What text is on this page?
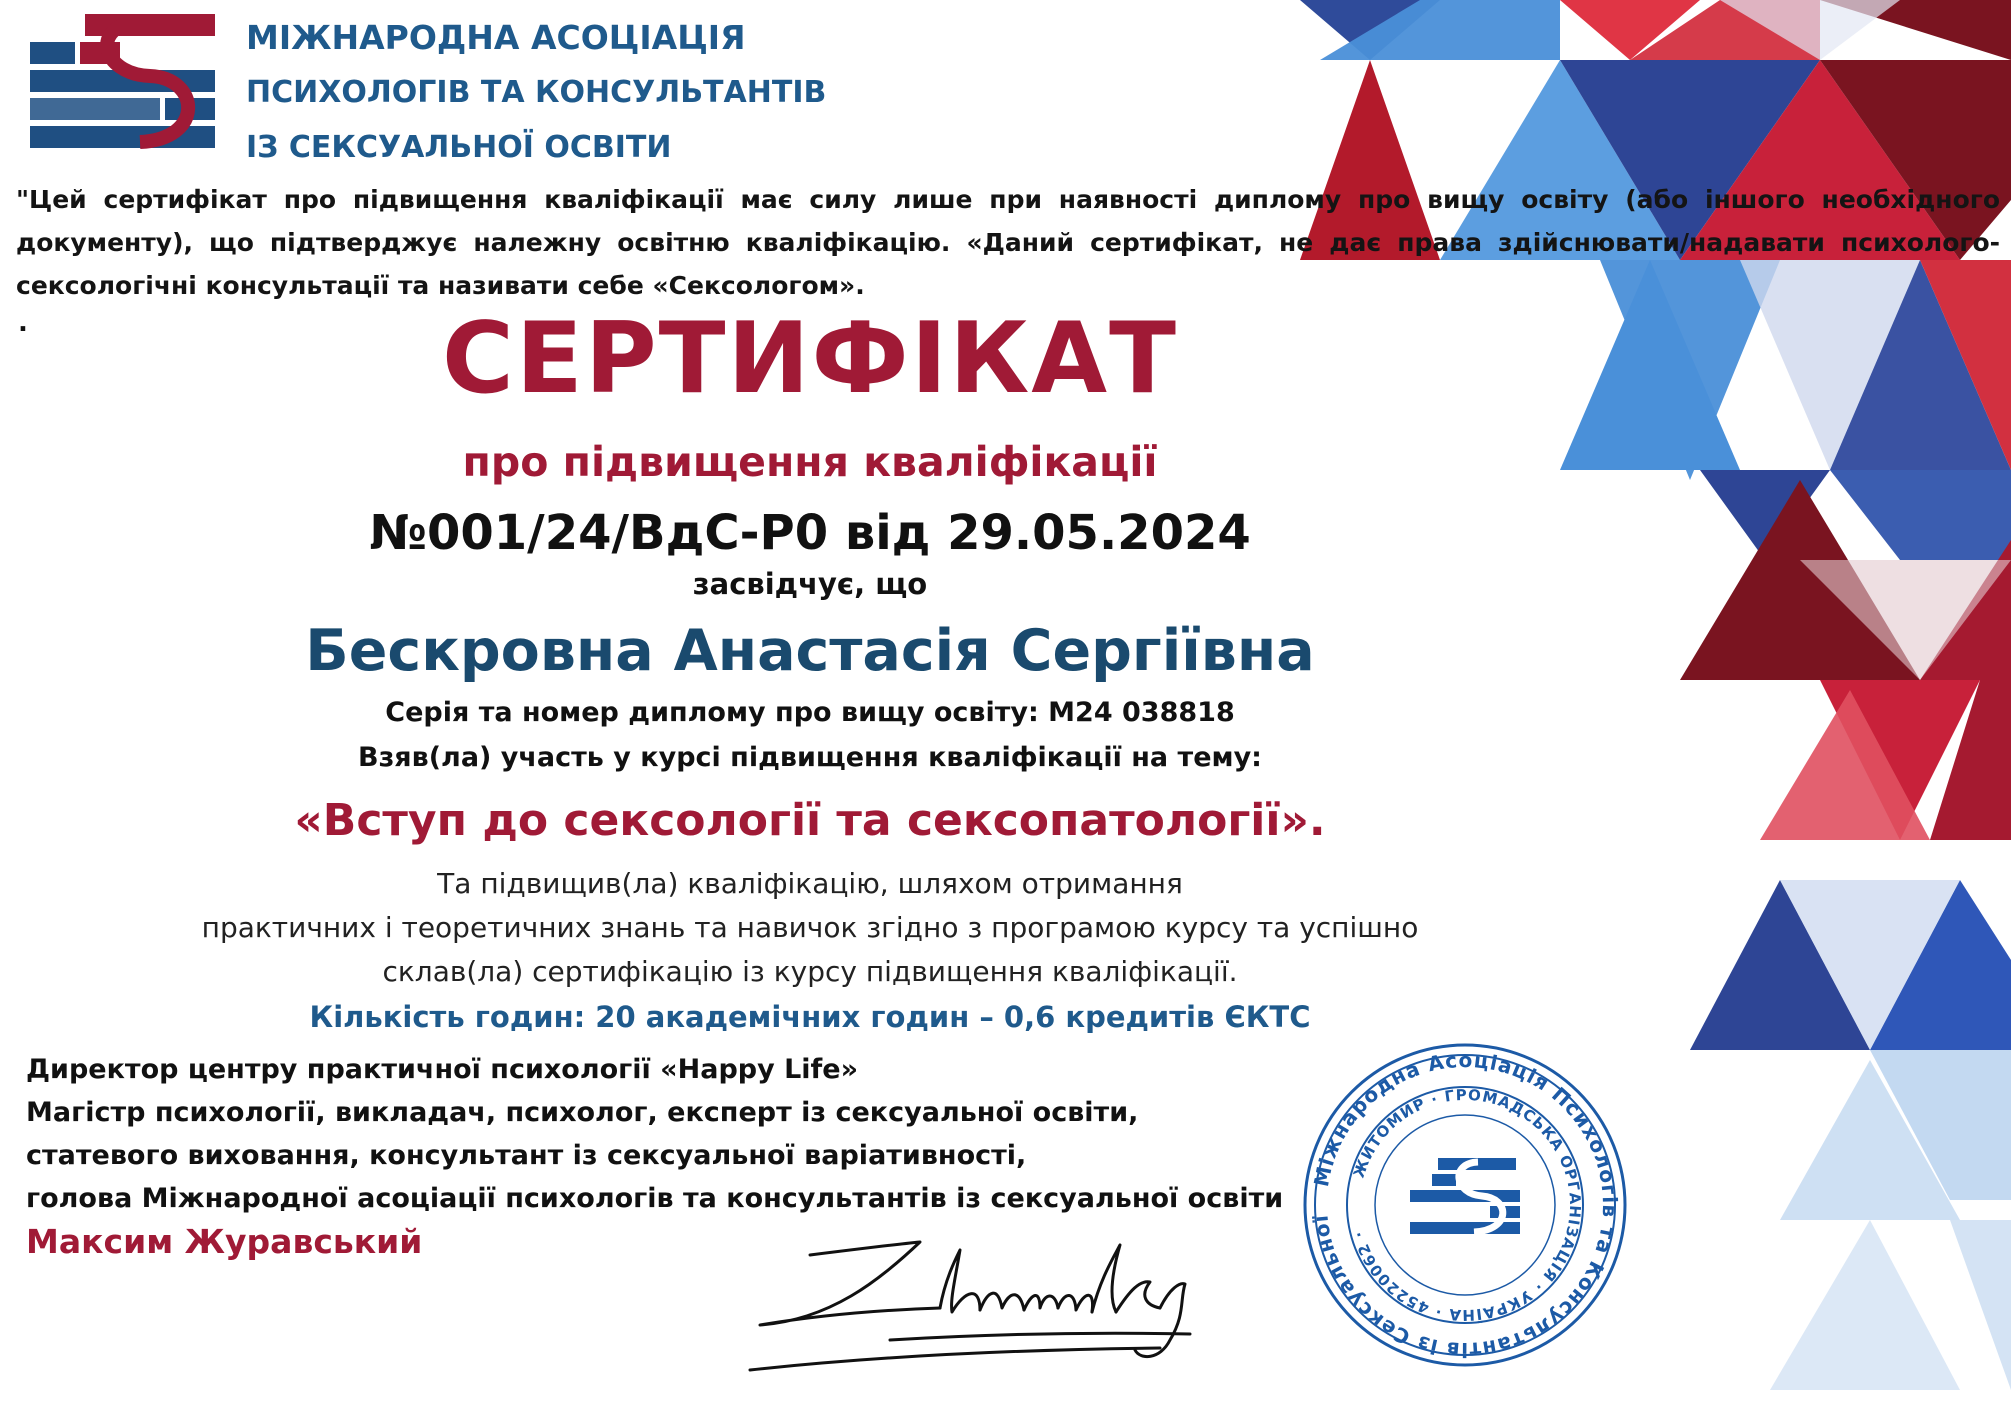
МІЖНАРОДНА АСОЦІАЦІЯ
ПСИХОЛОГІВ ТА КОНСУЛЬТАНТІВ
ІЗ СЕКСУАЛЬНОЇ ОСВІТИ
"Цей сертифікат про підвищення кваліфікації має силу лише при наявності диплому про вищу освіту (або іншого необхідного документу), що підтверджує належну освітню кваліфікацію. «Даний сертифікат, не дає права здійснювати/надавати психолого-сексологічні консультації та називати себе «Сексологом».
.	СЕРТИФІКАТ
про підвищення кваліфікації
№001/24/ВдС-Р0 від 29.05.2024
засвідчує, що
Бескровна Анастасія Сергіївна
Серія та номер диплому про вищу освіту: М24 038818
Взяв(ла) участь у курсі підвищення кваліфікації на тему:
«Вступ до сексології та сексопатології».
Та підвищив(ла) кваліфікацію, шляхом отримання
практичних і теоретичних знань та навичок згідно з програмою курсу та успішно
склав(ла) сертифікацію із курсу підвищення кваліфікації.
Кількість годин: 20 академічних годин – 0,6 кредитів ЄКТС
Директор центру практичної психології «Happy Life»
Магістр психології, викладач, психолог, експерт із сексуальної освіти,
статевого виховання, консультант із сексуальної варіативності,
голова Міжнародної асоціації психологів та консультантів із сексуальної освіти
Максим Журавський
Міжнародна Асоціація Психологів та Консультантів із Сексуальної
ЖИТОМИР · ГРОМАДСЬКА ОРГАНІЗАЦІЯ · УКРАЇНА · 45220062 ·
